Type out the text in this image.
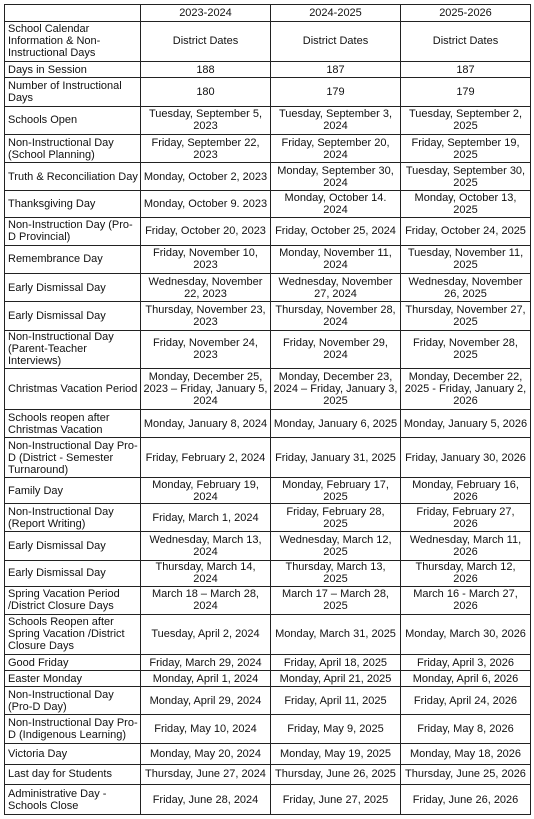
	2023-2024	2024-2025	2025-2026
School Calendar Information & Non-Instructional Days	District Dates	District Dates	District Dates
Days in Session	188	187	187
Number of Instructional Days	180	179	179
Schools Open	Tuesday, September 5, 2023	Tuesday, September 3, 2024	Tuesday, September 2, 2025
Non-Instructional Day (School Planning)	Friday, September 22, 2023	Friday, September 20, 2024	Friday, September 19, 2025
Truth & Reconciliation Day	Monday, October 2, 2023	Monday, September 30, 2024	Tuesday, September 30, 2025
Thanksgiving Day	Monday, October 9. 2023	Monday, October 14. 2024	Monday, October 13, 2025
Non-Instruction Day (Pro-D Provincial)	Friday, October 20, 2023	Friday, October 25, 2024	Friday, October 24, 2025
Remembrance Day	Friday, November 10, 2023	Monday, November 11, 2024	Tuesday, November 11, 2025
Early Dismissal Day	Wednesday, November 22, 2023	Wednesday, November 27, 2024	Wednesday, November 26, 2025
Early Dismissal Day	Thursday, November 23, 2023	Thursday, November 28, 2024	Thursday, November 27, 2025
Non-Instructional Day (Parent-Teacher Interviews)	Friday, November 24, 2023	Friday, November 29, 2024	Friday, November 28, 2025
Christmas Vacation Period	Monday, December 25, 2023 – Friday, January 5, 2024	Monday, December 23, 2024 – Friday, January 3, 2025	Monday, December 22, 2025 - Friday, January 2, 2026
Schools reopen after Christmas Vacation	Monday, January 8, 2024	Monday, January 6, 2025	Monday, January 5, 2026
Non-Instructional Day Pro-D (District - Semester Turnaround)	Friday, February 2, 2024	Friday, January 31, 2025	Friday, January 30, 2026
Family Day	Monday, February 19, 2024	Monday, February 17, 2025	Monday, February 16, 2026
Non-Instructional Day (Report Writing)	Friday, March 1, 2024	Friday, February 28, 2025	Friday, February 27, 2026
Early Dismissal Day	Wednesday, March 13, 2024	Wednesday, March 12, 2025	Wednesday, March 11, 2026
Early Dismissal Day	Thursday, March 14, 2024	Thursday, March 13, 2025	Thursday, March 12, 2026
Spring Vacation Period /District Closure Days	March 18 – March 28, 2024	March 17 – March 28, 2025	March 16 - March 27, 2026
Schools Reopen after Spring Vacation /District Closure Days	Tuesday, April 2, 2024	Monday, March 31, 2025	Monday, March 30, 2026
Good Friday	Friday, March 29, 2024	Friday, April 18, 2025	Friday, April 3, 2026
Easter Monday	Monday, April 1, 2024	Monday, April 21, 2025	Monday, April 6, 2026
Non-Instructional Day (Pro-D Day)	Monday, April 29, 2024	Friday, April 11, 2025	Friday, April 24, 2026
Non-Instructional Day Pro-D (Indigenous Learning)	Friday, May 10, 2024	Friday, May 9, 2025	Friday, May 8, 2026
Victoria Day	Monday, May 20, 2024	Monday, May 19, 2025	Monday, May 18, 2026
Last day for Students	Thursday, June 27, 2024	Thursday, June 26, 2025	Thursday, June 25, 2026
Administrative Day - Schools Close	Friday, June 28, 2024	Friday, June 27, 2025	Friday, June 26, 2026
